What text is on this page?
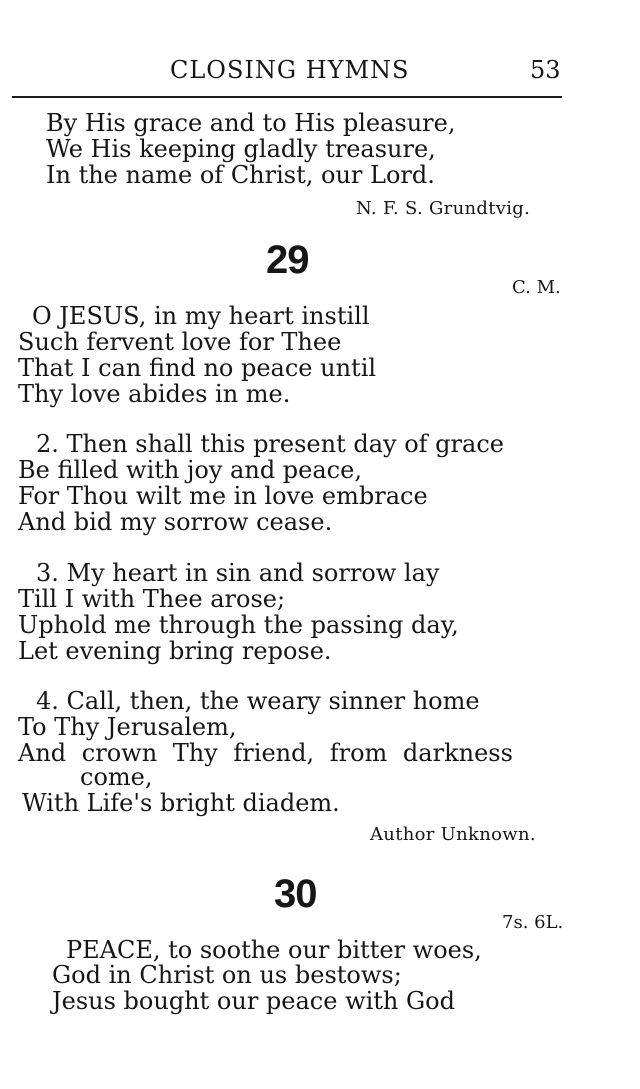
CLOSING HYMNS	53
By His grace and to His pleasure,
We His keeping gladly treasure,
In the name of Christ, our Lord.
N. F. S. Grundtvig.
29
C. M.
O JESUS, in my heart instill
Such fervent love for Thee
That I can find no peace until
Thy love abides in me.
2. Then shall this present day of grace
Be filled with joy and peace,
For Thou wilt me in love embrace
And bid my sorrow cease.
3. My heart in sin and sorrow lay
Till I with Thee arose;
Uphold me through the passing day,
Let evening bring repose.
4. Call, then, the weary sinner home
To Thy Jerusalem,
And crown Thy friend, from darkness
come,
With Life's bright diadem.
Author Unknown.
30
7s. 6L.
PEACE, to soothe our bitter woes,
God in Christ on us bestows;
Jesus bought our peace with God
